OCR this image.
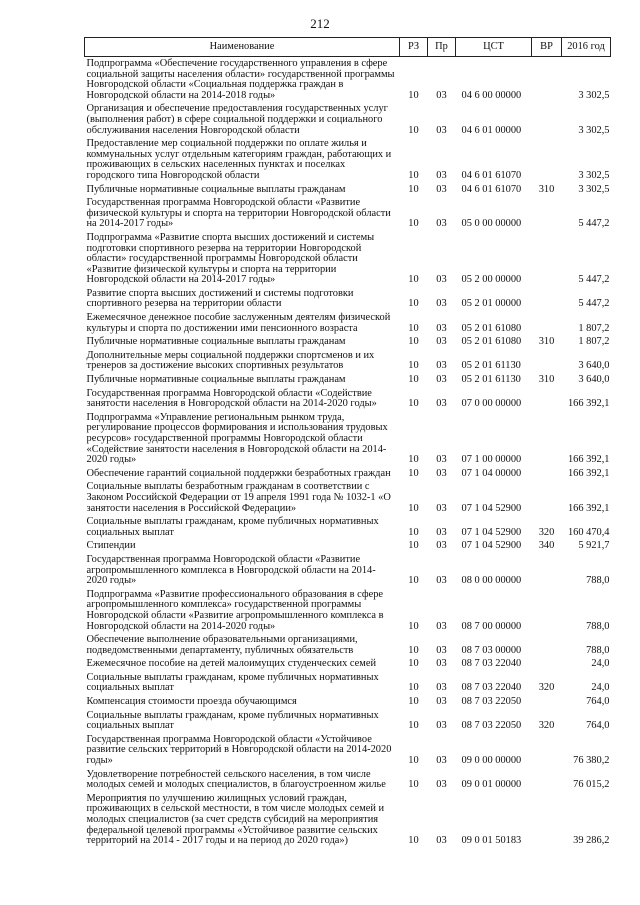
212
Наименование	РЗ	Пр	ЦСТ	ВР	2016 год
Подпрограмма «Обеспечение государственного управления в сфере социальной защиты населения области» государственной программы Новгородской области «Социальная поддержка граждан в Новгородской области на 2014-2018 годы»	10	03	04 6 00 00000		3 302,5
Организация и обеспечение предоставления государственных услуг (выполнения работ) в сфере социальной поддержки и социального обслуживания населения Новгородской области	10	03	04 6 01 00000		3 302,5
Предоставление мер социальной поддержки по оплате жилья и коммунальных услуг отдельным категориям граждан, работающих и проживающих в сельских населенных пунктах и поселках городского типа Новгородской области	10	03	04 6 01 61070		3 302,5
Публичные нормативные социальные выплаты гражданам	10	03	04 6 01 61070	310	3 302,5
Государственная программа Новгородской области «Развитие физической культуры и спорта на территории Новгородской области на 2014-2017 годы»	10	03	05 0 00 00000		5 447,2
Подпрограмма «Развитие спорта высших достижений и системы подготовки спортивного резерва на территории Новгородской области» государственной программы Новгородской области «Развитие физической культуры и спорта на территории Новгородской области на 2014-2017 годы»	10	03	05 2 00 00000		5 447,2
Развитие спорта высших достижений и системы подготовки спортивного резерва на территории области	10	03	05 2 01 00000		5 447,2
Ежемесячное денежное пособие заслуженным деятелям физической культуры и спорта по достижении ими пенсионного возраста	10	03	05 2 01 61080		1 807,2
Публичные нормативные социальные выплаты гражданам	10	03	05 2 01 61080	310	1 807,2
Дополнительные меры социальной поддержки спортсменов и их тренеров за достижение высоких спортивных результатов	10	03	05 2 01 61130		3 640,0
Публичные нормативные социальные выплаты гражданам	10	03	05 2 01 61130	310	3 640,0
Государственная программа Новгородской области «Содействие занятости населения в Новгородской области на 2014-2020 годы»	10	03	07 0 00 00000		166 392,1
Подпрограмма «Управление региональным рынком труда, регулирование процессов формирования и использования трудовых ресурсов» государственной программы Новгородской области «Содействие занятости населения в Новгородской области на 2014-2020 годы»	10	03	07 1 00 00000		166 392,1
Обеспечение гарантий социальной поддержки безработных граждан	10	03	07 1 04 00000		166 392,1
Социальные выплаты безработным гражданам в соответствии с Законом Российской Федерации от 19 апреля 1991 года № 1032-1 «О занятости населения в Российской Федерации»	10	03	07 1 04 52900		166 392,1
Социальные выплаты гражданам, кроме публичных нормативных социальных выплат	10	03	07 1 04 52900	320	160 470,4
Стипендии	10	03	07 1 04 52900	340	5 921,7
Государственная программа Новгородской области «Развитие агропромышленного комплекса в Новгородской области на 2014-2020 годы»	10	03	08 0 00 00000		788,0
Подпрограмма «Развитие профессионального образования в сфере агропромышленного комплекса» государственной программы Новгородской области «Развитие агропромышленного комплекса в Новгородской области на 2014-2020 годы»	10	03	08 7 00 00000		788,0
Обеспечение выполнение образовательными организациями, подведомственными департаменту, публичных обязательств	10	03	08 7 03 00000		788,0
Ежемесячное пособие на детей малоимущих студенческих семей	10	03	08 7 03 22040		24,0
Социальные выплаты гражданам, кроме публичных нормативных социальных выплат	10	03	08 7 03 22040	320	24,0
Компенсация стоимости проезда обучающимся	10	03	08 7 03 22050		764,0
Социальные выплаты гражданам, кроме публичных нормативных социальных выплат	10	03	08 7 03 22050	320	764,0
Государственная программа Новгородской области «Устойчивое развитие сельских территорий в Новгородской области на 2014-2020 годы»	10	03	09 0 00 00000		76 380,2
Удовлетворение потребностей сельского населения, в том числе молодых семей и молодых специалистов, в благоустроенном жилье	10	03	09 0 01 00000		76 015,2
Мероприятия по улучшению жилищных условий граждан, проживающих в сельской местности, в том числе молодых семей и молодых специалистов (за счет средств субсидий на мероприятия федеральной целевой программы «Устойчивое развитие сельских территорий на 2014 - 2017 годы и на период до 2020 года»)	10	03	09 0 01 50183		39 286,2
